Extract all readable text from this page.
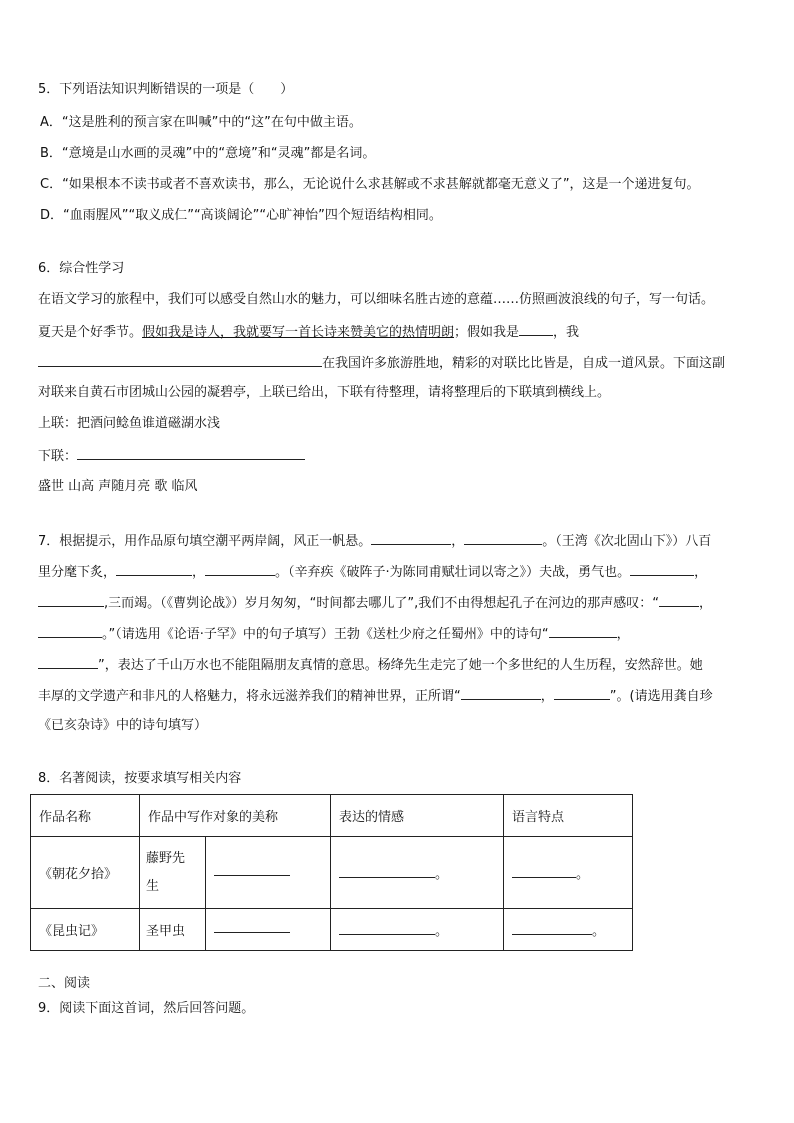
5．下列语法知识判断错误的一项是（　　）
A．“这是胜利的预言家在叫喊”中的“这”在句中做主语。
B．“意境是山水画的灵魂”中的“意境”和“灵魂”都是名词。
C．“如果根本不读书或者不喜欢读书，那么，无论说什么求甚解或不求甚解就都毫无意义了”，这是一个递进复句。
D．“血雨腥风”“取义成仁”“高谈阔论”“心旷神怡”四个短语结构相同。
6．综合性学习
在语文学习的旅程中，我们可以感受自然山水的魅力，可以细味名胜古迹的意蕴……仿照画波浪线的句子，写一句话。
夏天是个好季节。假如我是诗人，我就要写一首长诗来赞美它的热情明朗；假如我是	，我
在我国许多旅游胜地，精彩的对联比比皆是，自成一道风景。下面这副
对联来自黄石市团城山公园的凝碧亭，上联已给出，下联有待整理，请将整理后的下联填到横线上。
上联：把酒问鲶鱼谁道磁湖水浅
下联：
盛世 山高 声随月亮 歌 临风
7．根据提示，用作品原句填空潮平两岸阔，风正一帆悬。	，	。（王湾《次北固山下》）八百
里分麾下炙，	，	。（辛弃疾《破阵子·为陈同甫赋壮词以寄之》）夫战，勇气也。	，
,三而竭。（《曹刿论战》）岁月匆匆，“时间都去哪儿了”,我们不由得想起孔子在河边的那声感叹：“	，
。”（请选用《论语·子罕》中的句子填写）王勃《送杜少府之任蜀州》中的诗句“	，
”，表达了千山万水也不能阻隔朋友真情的意思。杨绛先生走完了她一个多世纪的人生历程，安然辞世。她
丰厚的文学遗产和非凡的人格魅力，将永远滋养我们的精神世界，正所谓“	，	”。(请选用龚自珍
《已亥杂诗》中的诗句填写）
8．名著阅读，按要求填写相关内容
作品名称	作品中写作对象的美称		表达的情感	语言特点
《朝花夕拾》	藤野先生		。	。
《昆虫记》	圣甲虫		。	。
二、阅读
9．阅读下面这首词，然后回答问题。
